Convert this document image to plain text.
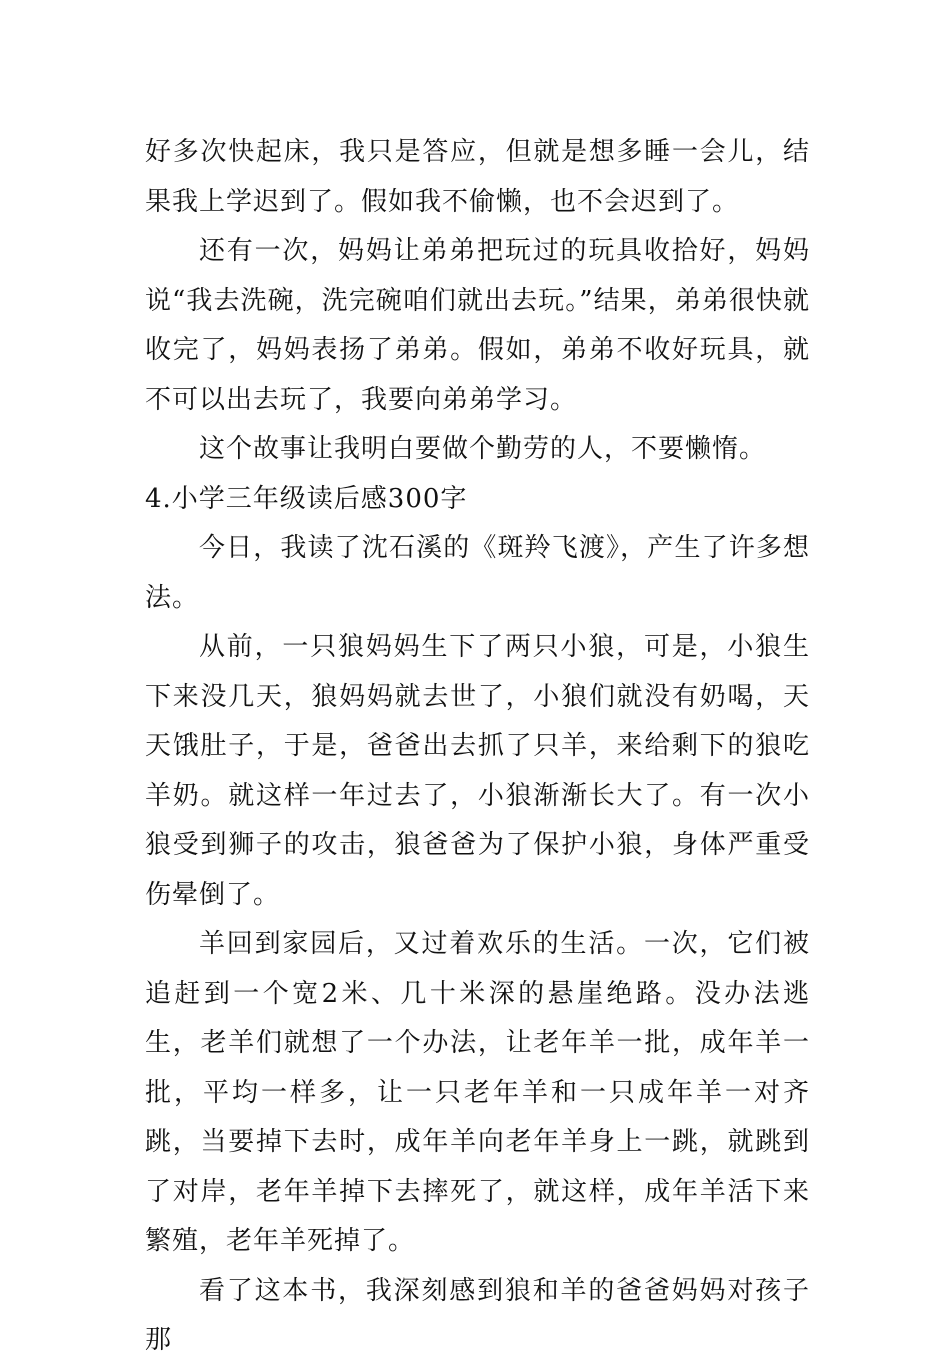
好多次快起床，我只是答应，但就是想多睡一会儿，结果我上学迟到了。假如我不偷懒，也不会迟到了。

还有一次，妈妈让弟弟把玩过的玩具收拾好，妈妈说“我去洗碗，洗完碗咱们就出去玩。”结果，弟弟很快就收完了，妈妈表扬了弟弟。假如，弟弟不收好玩具，就不可以出去玩了，我要向弟弟学习。

这个故事让我明白要做个勤劳的人，不要懒惰。

4.小学三年级读后感300字

今日，我读了沈石溪的《斑羚飞渡》，产生了许多想法。

从前，一只狼妈妈生下了两只小狼，可是，小狼生下来没几天，狼妈妈就去世了，小狼们就没有奶喝，天天饿肚子，于是，爸爸出去抓了只羊，来给剩下的狼吃羊奶。就这样一年过去了，小狼渐渐长大了。有一次小狼受到狮子的攻击，狼爸爸为了保护小狼，身体严重受伤晕倒了。

羊回到家园后，又过着欢乐的生活。一次，它们被追赶到一个宽2米、几十米深的悬崖绝路。没办法逃生，老羊们就想了一个办法，让老年羊一批，成年羊一批，平均一样多，让一只老年羊和一只成年羊一对齐跳，当要掉下去时，成年羊向老年羊身上一跳，就跳到了对岸，老年羊掉下去摔死了，就这样，成年羊活下来繁殖，老年羊死掉了。

看了这本书，我深刻感到狼和羊的爸爸妈妈对孩子那
